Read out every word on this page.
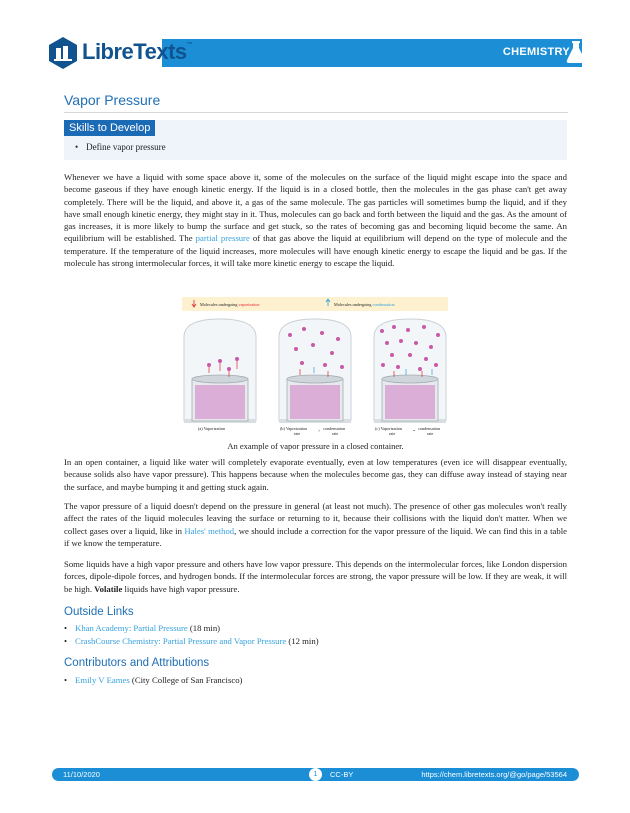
CHEMISTRY
LibreTexts™
Vapor Pressure
Skills to Develop
• Define vapor pressure

Whenever we have a liquid with some space above it, some of the molecules on the surface of the liquid might escape into the space and become gaseous if they have enough kinetic energy. If the liquid is in a closed bottle, then the molecules in the gas phase can't get away completely. There will be the liquid, and above it, a gas of the same molecule. The gas particles will sometimes bump the liquid, and if they have small enough kinetic energy, they might stay in it. Thus, molecules can go back and forth between the liquid and the gas. As the amount of gas increases, it is more likely to bump the surface and get stuck, so the rates of becoming gas and becoming liquid become the same. An equilibrium will be established. The partial pressure of that gas above the liquid at equilibrium will depend on the type of molecule and the temperature. If the temperature of the liquid increases, more molecules will have enough kinetic energy to escape the liquid and be gas. If the molecule has strong intermolecular forces, it will take more kinetic energy to escape the liquid.

Molecules undergoing vaporization	Molecules undergoing condensation
(a) Vaporization	(b) Vaporization	> condensation
rate	rate
(c) Vaporization	= condensation
rate	rate
An example of vapor pressure in a closed container.

In an open container, a liquid like water will completely evaporate eventually, even at low temperatures (even ice will disappear eventually, because solids also have vapor pressure). This happens because when the molecules become gas, they can diffuse away instead of staying near the surface, and maybe bumping it and getting stuck again.

The vapor pressure of a liquid doesn't depend on the pressure in general (at least not much). The presence of other gas molecules won't really affect the rates of the liquid molecules leaving the surface or returning to it, because their collisions with the liquid don't matter. When we collect gases over a liquid, like in Hales' method, we should include a correction for the vapor pressure of the liquid. We can find this in a table if we know the temperature.

Some liquids have a high vapor pressure and others have low vapor pressure. This depends on the intermolecular forces, like London dispersion forces, dipole-dipole forces, and hydrogen bonds. If the intermolecular forces are strong, the vapor pressure will be low. If they are weak, it will be high. Volatile liquids have high vapor pressure.

Outside Links
• Khan Academy: Partial Pressure (18 min)
• CrashCourse Chemistry: Partial Pressure and Vapor Pressure (12 min)
Contributors and Attributions
• Emily V Eames (City College of San Francisco)
11/10/2020	1	CC-BY	https://chem.libretexts.org/@go/page/53564
